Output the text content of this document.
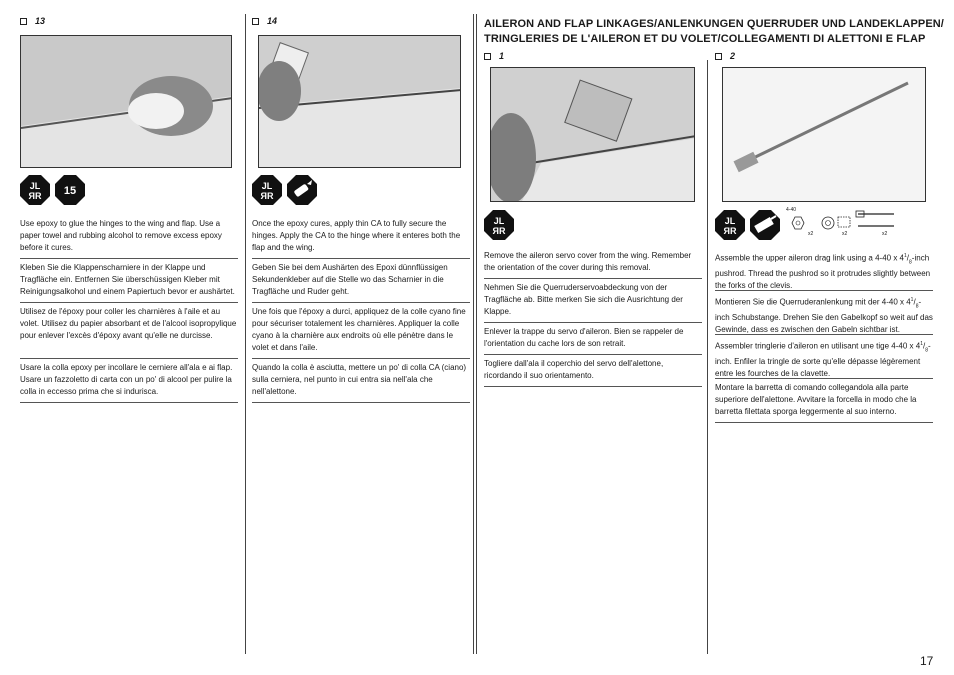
13
JL
ЯR 15

Use epoxy to glue the hinges to the wing and flap. Use a paper towel and rubbing alcohol to remove excess epoxy before it cures.

Kleben Sie die Klappenscharniere in der Klappe und Tragfläche ein. Entfernen Sie überschüssigen Kleber mit Reinigungsalkohol und einem Papiertuch bevor er aushärtet.

Utilisez de l'époxy pour coller les charnières à l'aile et au volet. Utilisez du papier absorbant et de l'alcool isopropylique pour enlever l'excès d'époxy avant qu'elle ne durcisse.

Usare la colla epoxy per incollare le cerniere all'ala e ai flap. Usare un fazzoletto di carta con un po' di alcool per pulire la colla in eccesso prima che si indurisca.

14
JL
ЯR

Once the epoxy cures, apply thin CA to fully secure the hinges. Apply the CA to the hinge where it enteres both the flap and the wing.

Geben Sie bei dem Aushärten des Epoxi dünnflüssigen Sekundenkleber auf die Stelle wo das Scharnier in die Tragfläche und Ruder geht.

Une fois que l'époxy a durci, appliquez de la colle cyano fine pour sécuriser totalement les charnières. Appliquer la colle cyano à la charnière aux endroits où elle pénètre dans le volet et dans l'aile.

Quando la colla è asciutta, mettere un po' di colla CA (ciano) sulla cerniera, nel punto in cui entra sia nell'ala che nell'alettone.

AILERON AND FLAP LINKAGES/ANLENKUNGEN QUERRUDER UND LANDEKLAPPEN/

TRINGLERIES DE L'AILERON ET DU VOLET/COLLEGAMENTI DI ALETTONI E FLAP

1
JL
ЯR

Remove the aileron servo cover from the wing. Remember the orientation of the cover during this removal.

Nehmen Sie die Querruderservoabdeckung von der Tragfläche ab. Bitte merken Sie sich die Ausrichtung der Klappe.

Enlever la trappe du servo d'aileron. Bien se rappeler de l'orientation du cache lors de son retrait.

Togliere dall'ala il coperchio del servo dell'alettone, ricordando il suo orientamento.

2
JL
ЯR
4-40
x2	x2	x2

Assemble the upper aileron drag link using a 4-40 x $4^1/_8$-inch pushrod. Thread the pushrod so it protrudes slightly between the forks of the clevis.

Montieren Sie die Querruderanlenkung mit der 4-40 x $4^1/_8$-inch Schubstange. Drehen Sie den Gabelkopf so weit auf das Gewinde, dass es zwischen den Gabeln sichtbar ist.

Assembler tringlerie d'aileron en utilisant une tige 4-40 x $4^1/_8$-inch. Enfiler la tringle de sorte qu'elle dépasse légèrement entre les fourches de la clavette.

Montare la barretta di comando collegandola alla parte superiore dell'alettone. Avvitare la forcella in modo che la barretta filettata sporga leggermente al suo interno.

17
